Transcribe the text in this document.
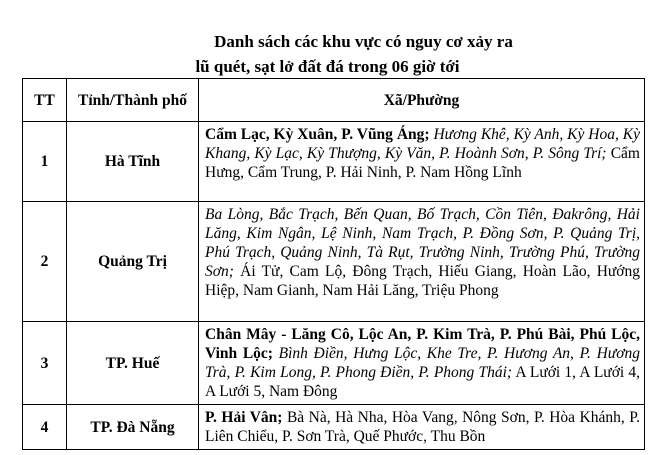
Danh sách các khu vực có nguy cơ xảy ra
lũ quét, sạt lở đất đá trong 06 giờ tới
TT	Tỉnh/Thành phố	Xã/Phường
1	Hà Tĩnh	Cẩm Lạc, Kỳ Xuân, P. Vũng Áng; Hương Khê, Kỳ Anh, Kỳ Hoa, Kỳ Khang, Kỳ Lạc, Kỳ Thượng, Kỳ Văn, P. Hoành Sơn, P. Sông Trí; Cẩm Hưng, Cẩm Trung, P. Hải Ninh, P. Nam Hồng Lĩnh
2	Quảng Trị	Ba Lòng, Bắc Trạch, Bến Quan, Bố Trạch, Cồn Tiên, Đakrông, Hải Lăng, Kim Ngân, Lệ Ninh, Nam Trạch, P. Đồng Sơn, P. Quảng Trị, Phú Trạch, Quảng Ninh, Tà Rụt, Trường Ninh, Trường Phú, Trường Sơn; Ái Tử, Cam Lộ, Đông Trạch, Hiếu Giang, Hoàn Lão, Hướng Hiệp, Nam Gianh, Nam Hải Lăng, Triệu Phong
3	TP. Huế	Chân Mây - Lăng Cô, Lộc An, P. Kim Trà, P. Phú Bài, Phú Lộc, Vinh Lộc; Bình Điền, Hưng Lộc, Khe Tre, P. Hương An, P. Hương Trà, P. Kim Long, P. Phong Điền, P. Phong Thái; A Lưới 1, A Lưới 4, A Lưới 5, Nam Đông
4	TP. Đà Nẵng	P. Hải Vân; Bà Nà, Hà Nha, Hòa Vang, Nông Sơn, P. Hòa Khánh, P. Liên Chiểu, P. Sơn Trà, Quế Phước, Thu Bồn
